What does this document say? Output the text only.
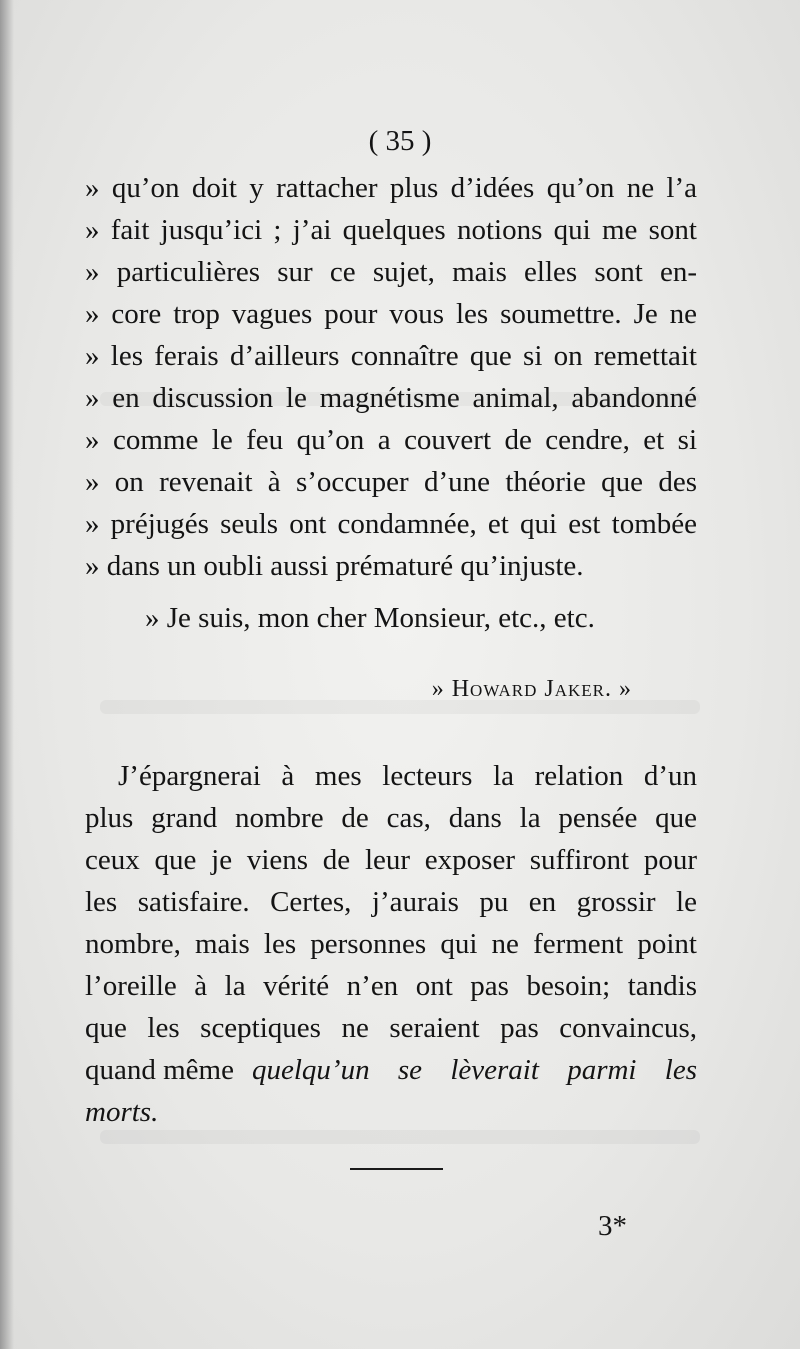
( 35 )
» qu’on doit y rattacher plus d’idées qu’on ne l’a
» fait jusqu’ici ; j’ai quelques notions qui me sont
» particulières sur ce sujet, mais elles sont en-
» core trop vagues pour vous les soumettre. Je ne
» les ferais d’ailleurs connaître que si on remettait
» en discussion le magnétisme animal, abandonné
» comme le feu qu’on a couvert de cendre, et si
» on revenait à s’occuper d’une théorie que des
» préjugés seuls ont condamnée, et qui est tombée
» dans un oubli aussi prématuré qu’injuste.
» Je suis, mon cher Monsieur, etc., etc.
» Howard Jaker. »
J’épargnerai à mes lecteurs la relation d’un
plus grand nombre de cas, dans la pensée que
ceux que je viens de leur exposer suffiront pour
les satisfaire. Certes, j’aurais pu en grossir le
nombre, mais les personnes qui ne ferment point
l’oreille à la vérité n’en ont pas besoin; tandis
que les sceptiques ne seraient pas convaincus,
quand même quelqu’un se lèverait parmi les
morts.
3*
